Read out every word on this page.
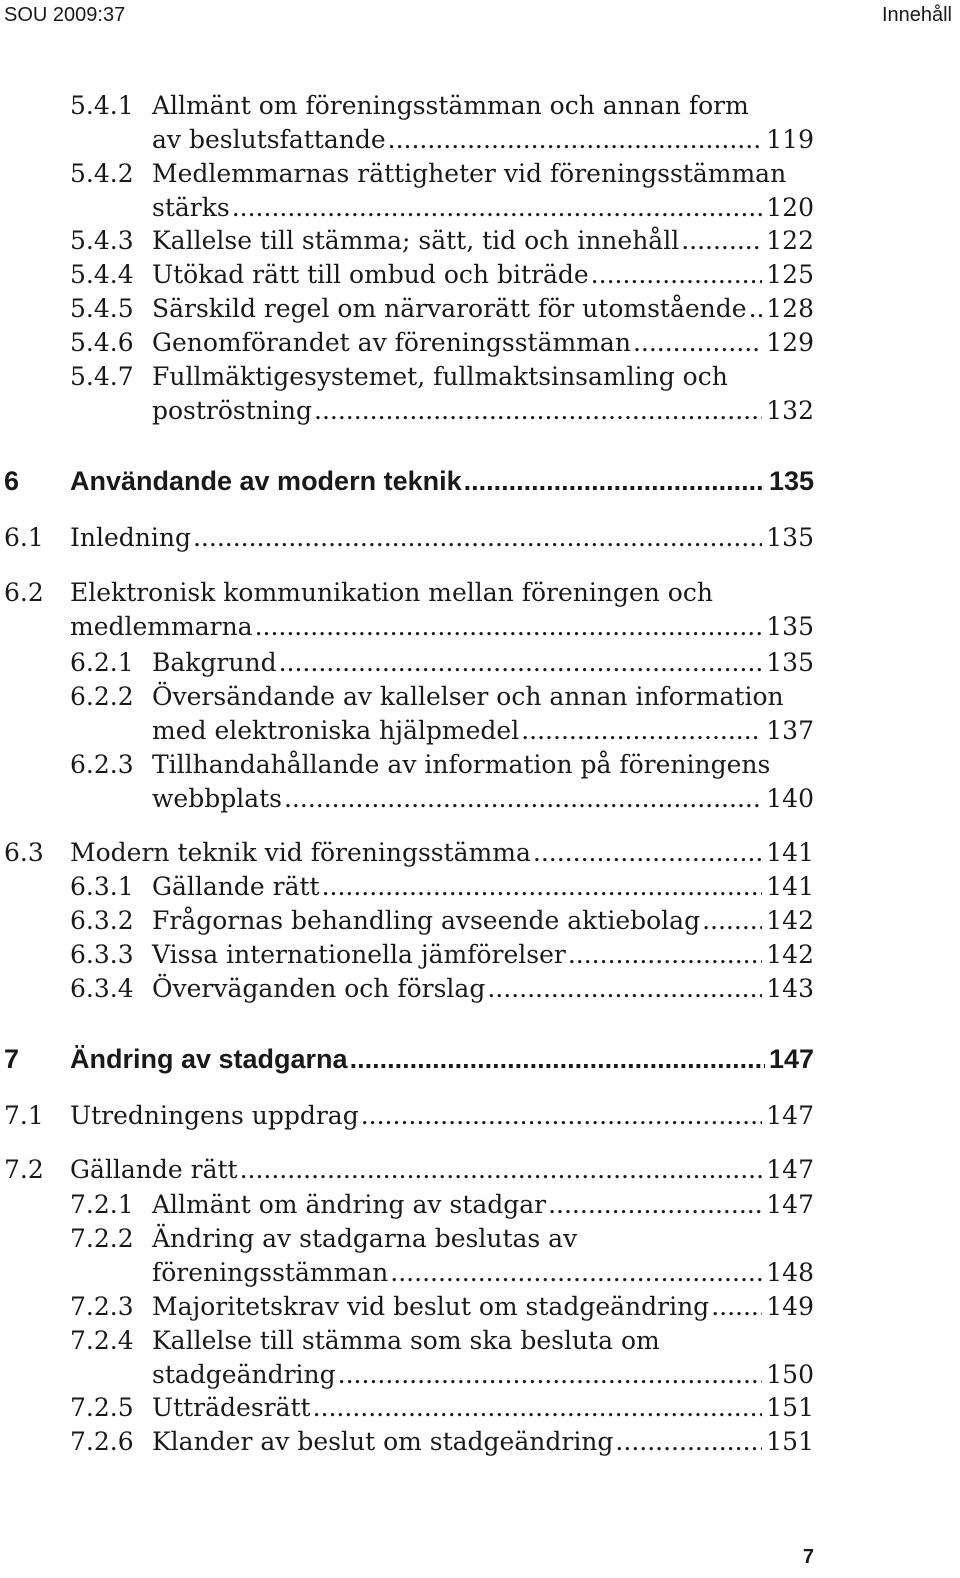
SOU 2009:37	Innehåll
5.4.1 Allmänt om föreningsstämman och annan form
av beslutsfattande .....	119
5.4.2 Medlemmarnas rättigheter vid föreningsstämman
stärks .....	120
5.4.3 Kallelse till stämma; sätt, tid och innehåll .....	122
5.4.4 Utökad rätt till ombud och biträde .....	125
5.4.5 Särskild regel om närvarorätt för utomstående ..... 128
5.4.6 Genomförandet av föreningsstämman .....	129
5.4.7 Fullmäktigesystemet, fullmaktsinsamling och
poströstning .....	132
6 Användande av modern teknik .....	135
6.1 Inledning .....	135
6.2 Elektronisk kommunikation mellan föreningen och
medlemmarna .....	135
6.2.1 Bakgrund .....	135
6.2.2 Översändande av kallelser och annan information
med elektroniska hjälpmedel .....	137
6.2.3 Tillhandahållande av information på föreningens
webbplats .....	140
6.3 Modern teknik vid föreningsstämma .....	141
6.3.1 Gällande rätt .....	141
6.3.2 Frågornas behandling avseende aktiebolag .....	142
6.3.3 Vissa internationella jämförelser .....	142
6.3.4 Överväganden och förslag .....	143
7 Ändring av stadgarna .....	147
7.1 Utredningens uppdrag .....	147
7.2 Gällande rätt .....	147
7.2.1 Allmänt om ändring av stadgar .....	147
7.2.2 Ändring av stadgarna beslutas av
föreningsstämman .....	148
7.2.3 Majoritetskrav vid beslut om stadgeändring ..... 149
7.2.4 Kallelse till stämma som ska besluta om
stadgeändring .....	150
7.2.5 Utträdesrätt .....	151
7.2.6 Klander av beslut om stadgeändring .....	151
7
